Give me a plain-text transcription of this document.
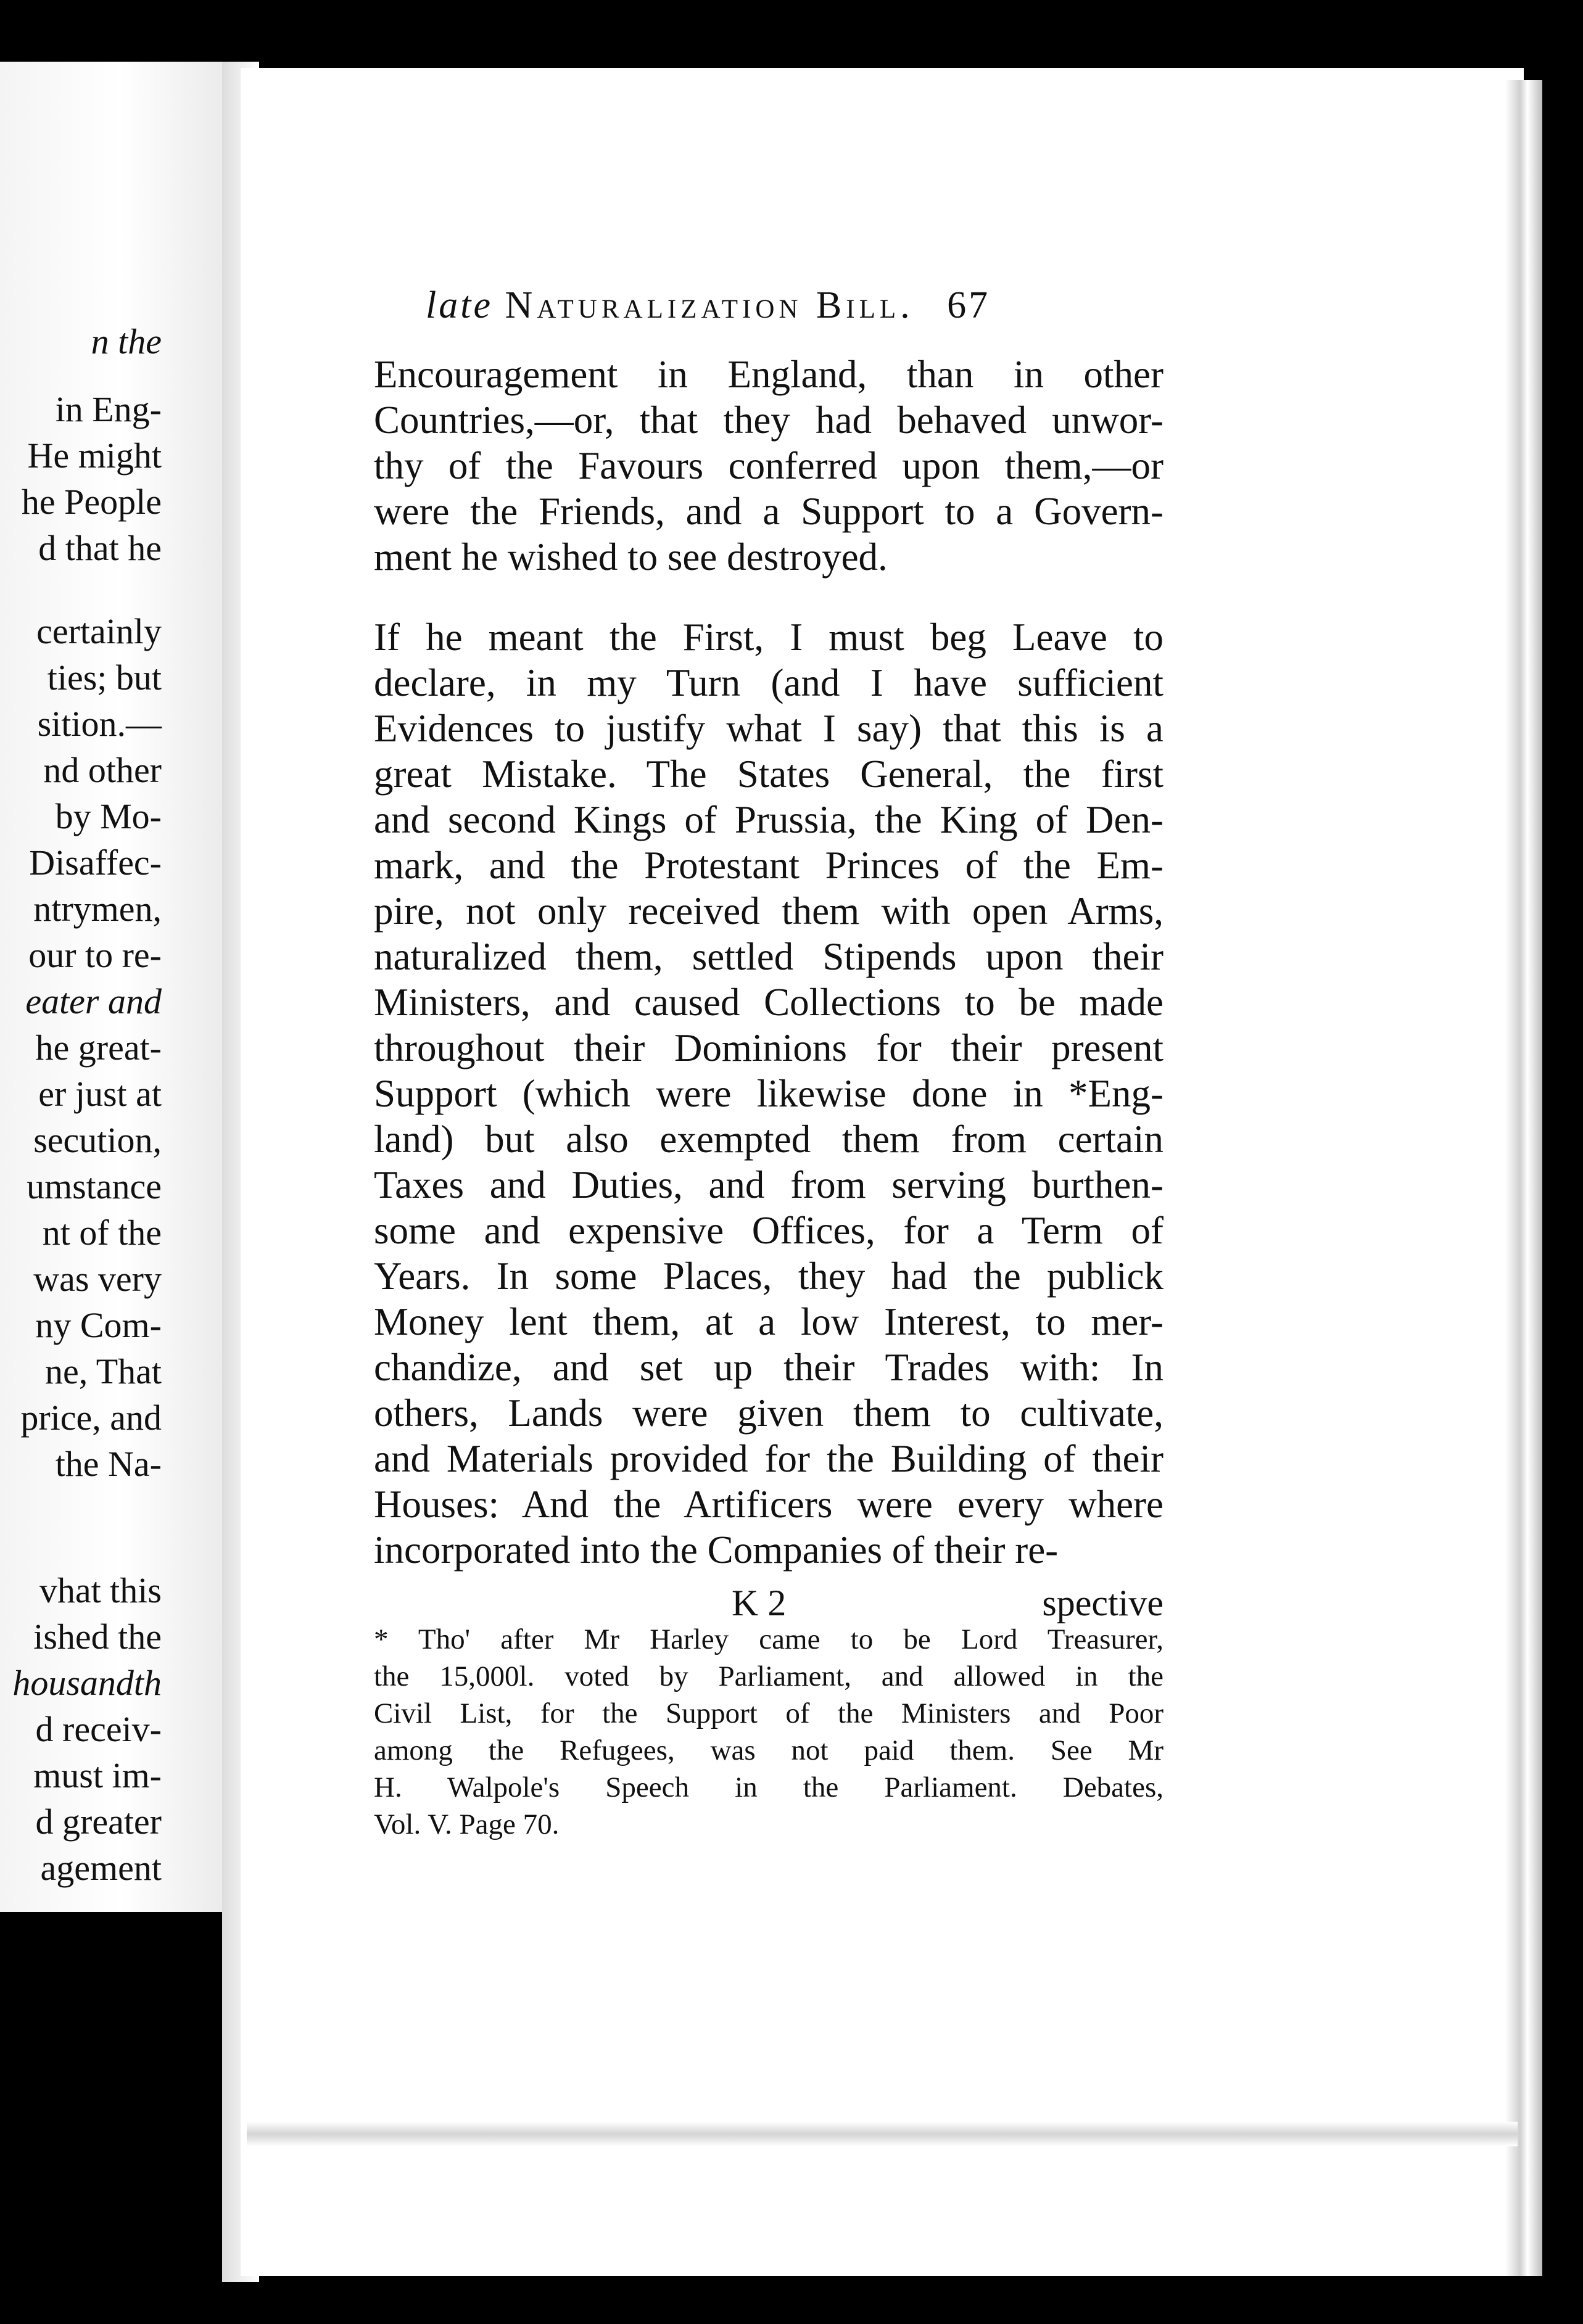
n the
in Eng-
He might
he People
d that he
certainly
ties; but
sition.—
nd other
by Mo-
Disaffec-
ntrymen,
our to re-
eater and
he great-
er just at
secution,
umstance
nt of the
was very
ny Com-
ne, That
price, and
the Na-
vhat this
ished the
housandth
d receiv-
must im-
d greater
agement
late Naturalization Bill. 67
Encouragement in England, than in other
Countries,—or, that they had behaved unwor-
thy of the Favours conferred upon them,—or
were the Friends, and a Support to a Govern-
ment he wished to see destroyed.
If he meant the First, I must beg Leave to
declare, in my Turn (and I have sufficient
Evidences to justify what I say) that this is a
great Mistake. The States General, the first
and second Kings of Prussia, the King of Den-
mark, and the Protestant Princes of the Em-
pire, not only received them with open Arms,
naturalized them, settled Stipends upon their
Ministers, and caused Collections to be made
throughout their Dominions for their present
Support (which were likewise done in *Eng-
land) but also exempted them from certain
Taxes and Duties, and from serving burthen-
some and expensive Offices, for a Term of
Years. In some Places, they had the publick
Money lent them, at a low Interest, to mer-
chandize, and set up their Trades with: In
others, Lands were given them to cultivate,
and Materials provided for the Building of their
Houses: And the Artificers were every where
incorporated into the Companies of their re-
K 2	spective
* Tho' after Mr Harley came to be Lord Treasurer,
the 15,000l. voted by Parliament, and allowed in the
Civil List, for the Support of the Ministers and Poor
among the Refugees, was not paid them. See Mr
H. Walpole's Speech in the Parliament. Debates,
Vol. V. Page 70.
